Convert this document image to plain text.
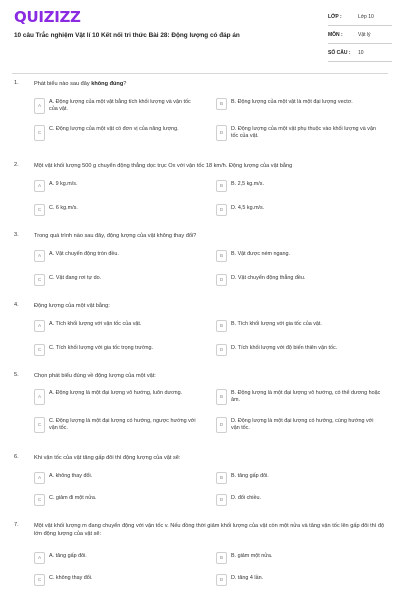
QUIZIZZ
10 câu Trắc nghiệm Vật lí 10 Kết nối tri thức Bài 28: Động lượng có đáp án
LỚP :	Lớp 10
MÔN :	Vật lý
SỐ CÂU : 10
1.	Phát biểu nào sau đây không đúng?
A
A. Động lượng của một vật bằng tích khối lượng và vận tốc của vật.
B	B. Động lượng của một vật là một đại lượng vectơ.
C
C. Động lượng của một vật có đơn vị của năng lượng.
D
D. Động lượng của một vật phụ thuộc vào khối lượng và vận tốc của vật.
2.	Một vật khối lượng 500 g chuyển động thẳng dọc trục Ox với vận tốc 18 km/h. Động lượng của vật bằng
A	A. 9 kg.m/s.	B	B. 2,5 kg.m/s.
C	C. 6 kg.m/s.	D	D. 4,5 kg.m/s.
3.	Trong quá trình nào sau đây, động lượng của vật không thay đổi?
A	A. Vật chuyển động tròn đều.	B	B. Vật được ném ngang.
C	C. Vật đang rơi tự do.	D	D. Vật chuyển động thẳng đều.
4.	Động lượng của một vật bằng:
A	A. Tích khối lượng với vận tốc của vật.	B	B. Tích khối lượng với gia tốc của vật.
C	C. Tích khối lượng với gia tốc trọng trường.	D	D. Tích khối lượng với độ biến thiên vận tốc.
5.	Chọn phát biểu đúng về động lượng của một vật:
A
A. Động lượng là một đại lượng vô hướng, luôn dương.
B
B. Động lượng là một đại lượng vô hướng, có thể dương hoặc âm.
C
C. Động lượng là một đại lượng có hướng, ngược hướng với vận tốc.
D
D. Động lượng là một đại lượng có hướng, cùng hướng với vận tốc.
6.	Khi vận tốc của vật tăng gấp đôi thì động lượng của vật sẽ:
A	A. không thay đổi.	B	B. tăng gấp đôi.
C	C. giảm đi một nửa.	D	D. đổi chiều.
7.	Một vật khối lượng m đang chuyển động với vận tốc v. Nếu đồng thời giảm khối lượng của vật còn một nửa và tăng vận tốc lên gấp đôi thì độ lớn động lượng của vật sẽ:
A	A. tăng gấp đôi.	B	B. giảm một nửa.
C	C. không thay đổi.	D	D. tăng 4 lần.
